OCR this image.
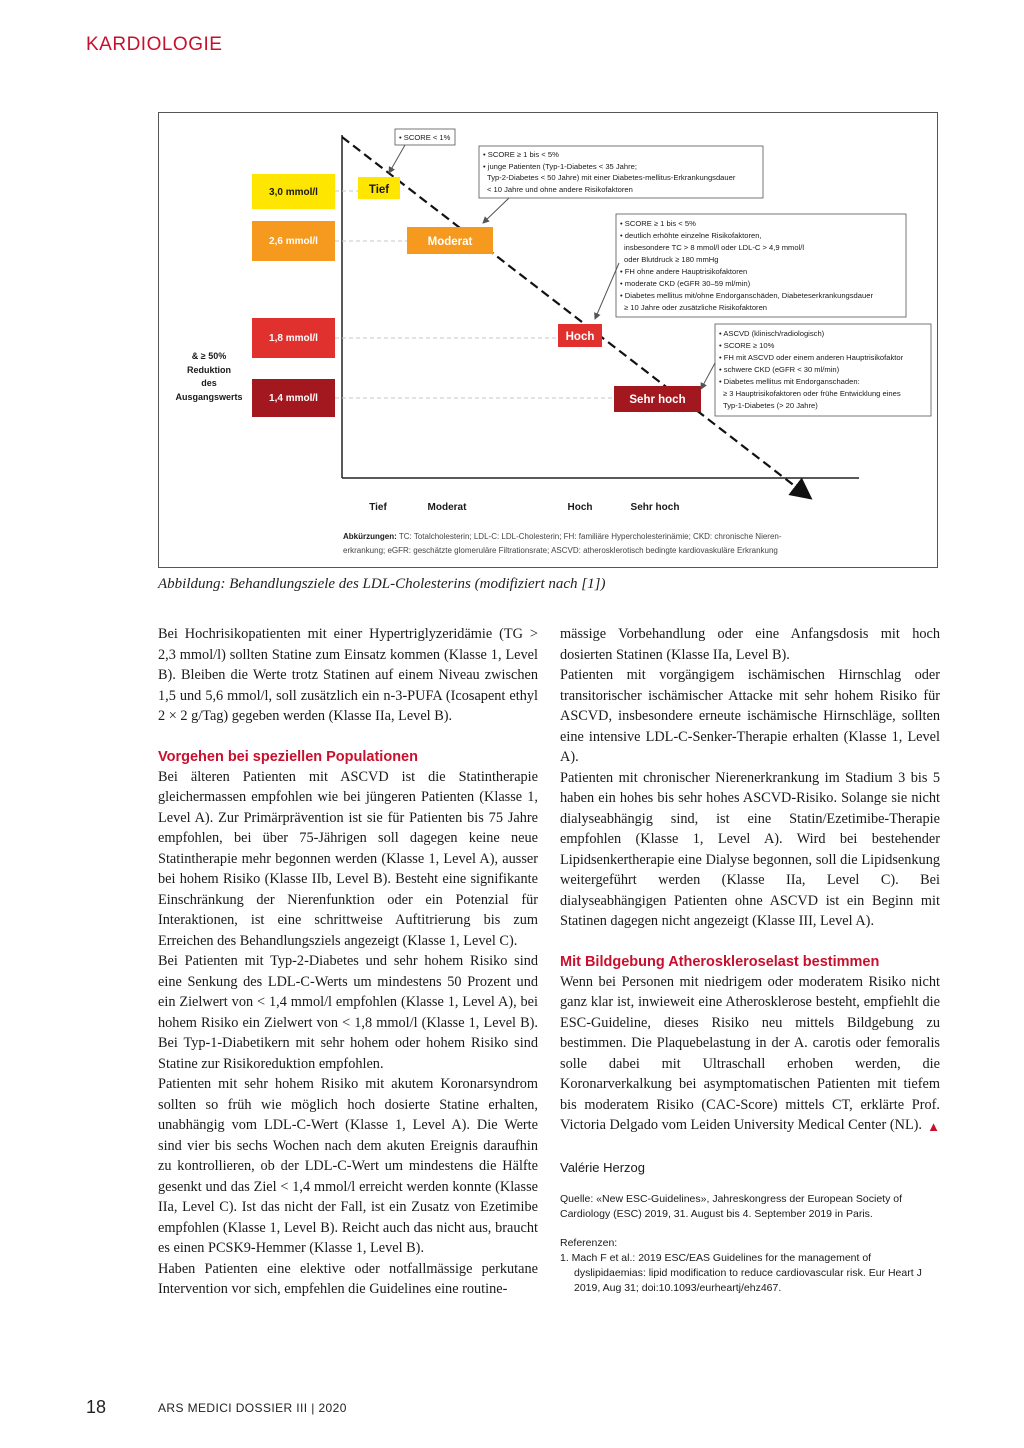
KARDIOLOGIE
3,0 mmol/l
2,6 mmol/l
1,8 mmol/l
1,4 mmol/l
& ≥ 50%
Reduktion
des
Ausgangswerts
Tief
Moderat
Hoch
Sehr hoch
• SCORE < 1%
• SCORE ≥ 1 bis < 5%
• junge Patienten (Typ-1-Diabetes < 35 Jahre;
Typ-2-Diabetes < 50 Jahre) mit einer Diabetes-mellitus-Erkrankungsdauer
< 10 Jahre und ohne andere Risikofaktoren
• SCORE ≥ 1 bis < 5%
• deutlich erhöhte einzelne Risikofaktoren,
insbesondere TC > 8 mmol/l oder LDL-C > 4,9 mmol/l
oder Blutdruck ≥ 180 mmHg
• FH ohne andere Hauptrisikofaktoren
• moderate CKD (eGFR 30–59 ml/min)
• Diabetes mellitus mit/ohne Endorganschäden, Diabeteserkrankungsdauer
≥ 10 Jahre oder zusätzliche Risikofaktoren
• ASCVD (klinisch/radiologisch)
• SCORE ≥ 10%
• FH mit ASCVD oder einem anderen Hauptrisikofaktor
• schwere CKD (eGFR < 30 ml/min)
• Diabetes mellitus mit Endorganschaden:
≥ 3 Hauptrisikofaktoren oder frühe Entwicklung eines
Typ-1-Diabetes (> 20 Jahre)
Tief	Moderat	Hoch	Sehr hoch
Abkürzungen: TC: Totalcholesterin; LDL-C: LDL-Cholesterin; FH: familiäre Hypercholesterinämie; CKD: chronische Nieren-
erkrankung; eGFR: geschätzte glomeruläre Filtrationsrate; ASCVD: atherosklerotisch bedingte kardiovaskuläre Erkrankung
Abbildung: Behandlungsziele des LDL-Cholesterins (modifiziert nach [1])

Bei Hochrisikopatienten mit einer Hypertriglyzeridämie (TG > 2,3 mmol/l) sollten Statine zum Einsatz kommen (Klasse 1, Level B). Bleiben die Werte trotz Statinen auf einem Niveau zwischen 1,5 und 5,6 mmol/l, soll zusätzlich ein n-3-PUFA (Icosapent ethyl 2 × 2 g/Tag) gegeben werden (Klasse IIa, Level B).

Vorgehen bei speziellen Populationen

Bei älteren Patienten mit ASCVD ist die Statintherapie gleichermassen empfohlen wie bei jüngeren Patienten (Klasse 1, Level A). Zur Primärprävention ist sie für Patienten bis 75 Jahre empfohlen, bei über 75-Jährigen soll dagegen keine neue Statintherapie mehr begonnen werden (Klasse 1, Level A), ausser bei hohem Risiko (Klasse IIb, Level B). Besteht eine signifikante Einschränkung der Nierenfunktion oder ein Potenzial für Interaktionen, ist eine schrittweise Auftitrierung bis zum Erreichen des Behandlungsziels angezeigt (Klasse 1, Level C).

Bei Patienten mit Typ-2-Diabetes und sehr hohem Risiko sind eine Senkung des LDL-C-Werts um mindestens 50 Prozent und ein Zielwert von < 1,4 mmol/l empfohlen (Klasse 1, Level A), bei hohem Risiko ein Zielwert von < 1,8 mmol/l (Klasse 1, Level B). Bei Typ-1-Diabetikern mit sehr hohem oder hohem Risiko sind Statine zur Risikoreduktion empfohlen.

Patienten mit sehr hohem Risiko mit akutem Koronarsyndrom sollten so früh wie möglich hoch dosierte Statine erhalten, unabhängig vom LDL-C-Wert (Klasse 1, Level A). Die Werte sind vier bis sechs Wochen nach dem akuten Ereignis daraufhin zu kontrollieren, ob der LDL-C-Wert um mindestens die Hälfte gesenkt und das Ziel < 1,4 mmol/l erreicht werden konnte (Klasse IIa, Level C). Ist das nicht der Fall, ist ein Zusatz von Ezetimibe empfohlen (Klasse 1, Level B). Reicht auch das nicht aus, braucht es einen PCSK9-Hemmer (Klasse 1, Level B).

Haben Patienten eine elektive oder notfallmässige perkutane Intervention vor sich, empfehlen die Guidelines eine routine-

mässige Vorbehandlung oder eine Anfangsdosis mit hoch dosierten Statinen (Klasse IIa, Level B).

Patienten mit vorgängigem ischämischen Hirnschlag oder transitorischer ischämischer Attacke mit sehr hohem Risiko für ASCVD, insbesondere erneute ischämische Hirnschläge, sollten eine intensive LDL-C-Senker-Therapie erhalten (Klasse 1, Level A).

Patienten mit chronischer Nierenerkrankung im Stadium 3 bis 5 haben ein hohes bis sehr hohes ASCVD-Risiko. Solange sie nicht dialyseabhängig sind, ist eine Statin/Ezetimibe-Therapie empfohlen (Klasse 1, Level A). Wird bei bestehender Lipidsenkertherapie eine Dialyse begonnen, soll die Lipidsenkung weitergeführt werden (Klasse IIa, Level C). Bei dialyseabhängigen Patienten ohne ASCVD ist ein Beginn mit Statinen dagegen nicht angezeigt (Klasse III, Level A).

Mit Bildgebung Atheroskleroselast bestimmen

Wenn bei Personen mit niedrigem oder moderatem Risiko nicht ganz klar ist, inwieweit eine Atherosklerose besteht, empfiehlt die ESC-Guideline, dieses Risiko neu mittels Bildgebung zu bestimmen. Die Plaquebelastung in der A. carotis oder femoralis solle dabei mit Ultraschall erhoben werden, die Koronarverkalkung bei asymptomatischen Patienten mit tiefem bis moderatem Risiko (CAC-Score) mittels CT, erklärte Prof. Victoria Delgado vom Leiden University Medical Center (NL). ▲

Valérie Herzog

Quelle: «New ESC-Guidelines», Jahreskongress der European Society of Cardiology (ESC) 2019, 31. August bis 4. September 2019 in Paris.

Referenzen:

1. Mach F et al.: 2019 ESC/EAS Guidelines for the management of dyslipidaemias: lipid modification to reduce cardiovascular risk. Eur Heart J 2019, Aug 31; doi:10.1093/eurheartj/ehz467.

18	ARS MEDICI DOSSIER III | 2020
